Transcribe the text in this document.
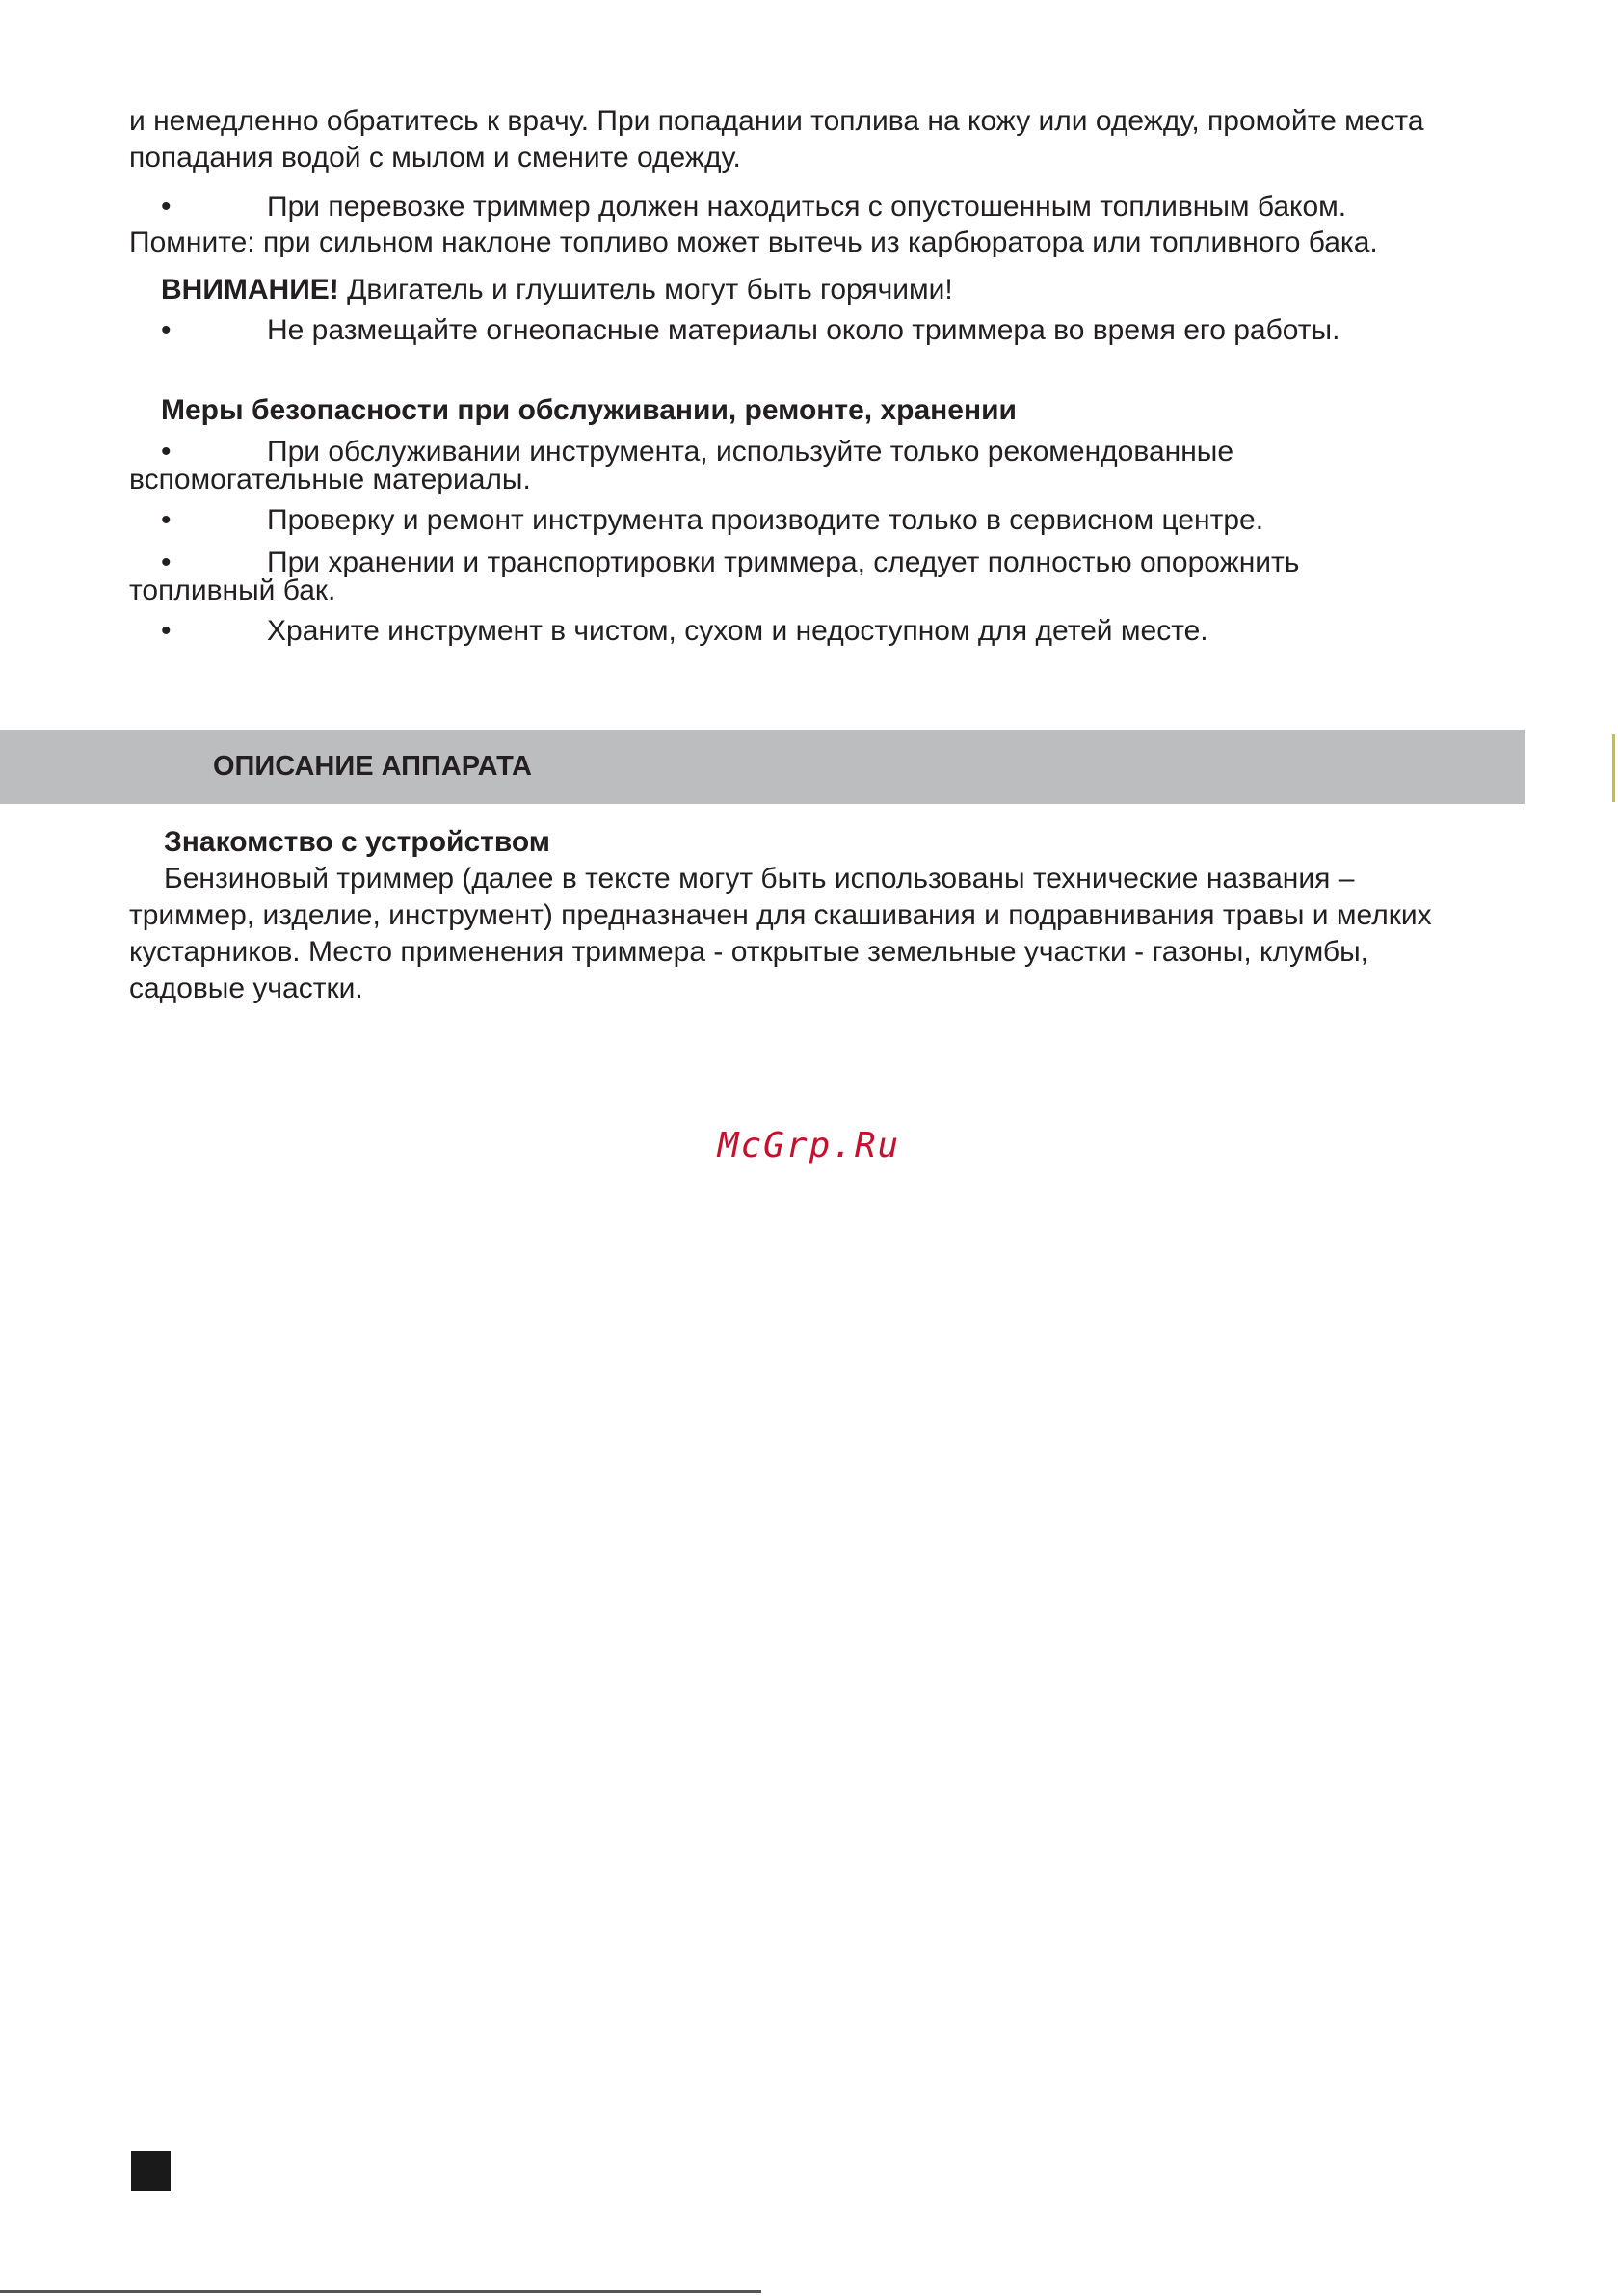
и немедленно обратитесь к врачу. При попадании топлива на кожу или одежду, промойте места
попадания водой с мылом и смените одежду.
•	При перевозке триммер должен находиться с опустошенным топливным баком.
Помните: при сильном наклоне топливо может вытечь из карбюратора или топливного бака.
ВНИМАНИЕ! Двигатель и глушитель могут быть горячими!
•	Не размещайте огнеопасные материалы около триммера во время его работы.
Меры безопасности при обслуживании, ремонте, хранении
•	При обслуживании инструмента, используйте только рекомендованные
вспомогательные материалы.
•	Проверку и ремонт инструмента производите только в сервисном центре.
•	При хранении и транспортировки триммера, следует полностью опорожнить
топливный бак.
•	Храните инструмент в чистом, сухом и недоступном для детей месте.
ОПИСАНИЕ АППАРАТА
Знакомство с устройством
Бензиновый триммер (далее в тексте могут быть использованы технические названия –
триммер, изделие, инструмент) предназначен для скашивания и подравнивания травы и мелких
кустарников. Место применения триммера - открытые земельные участки - газоны, клумбы,
садовые участки.
McGrp.Ru
